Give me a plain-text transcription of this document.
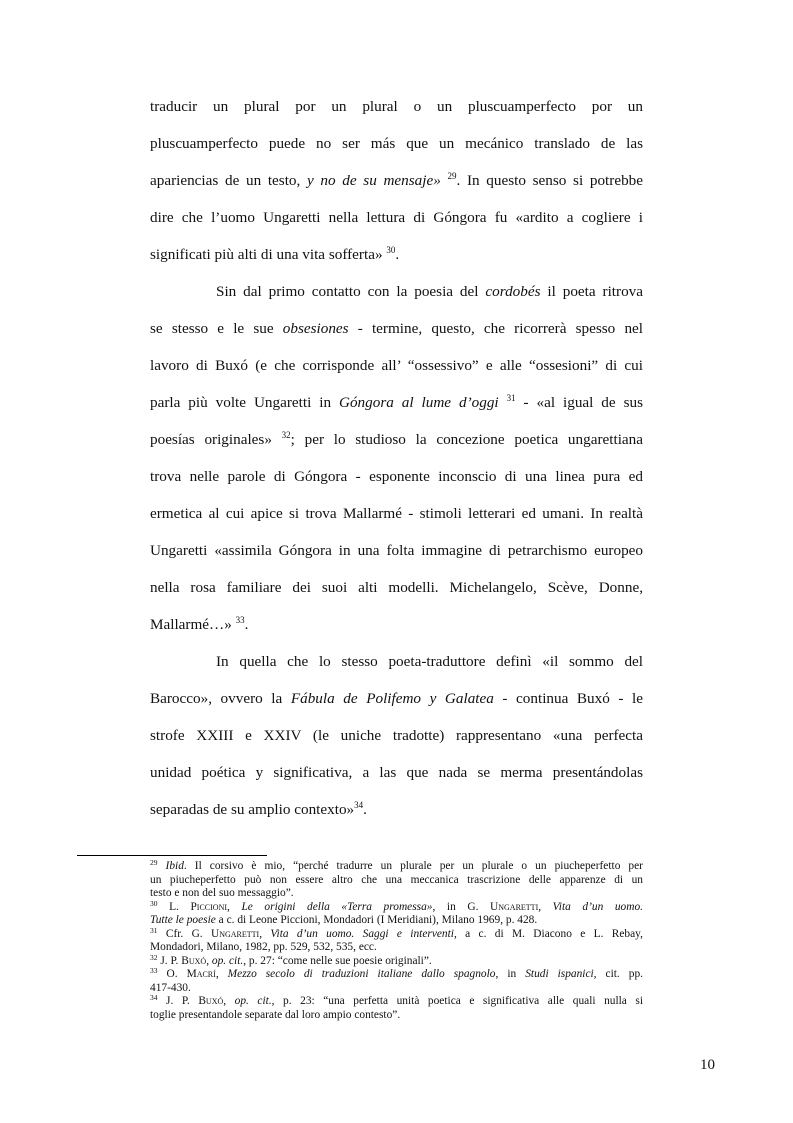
traducir un plural por un plural o un pluscuamperfecto por un
pluscuamperfecto puede no ser más que un mecánico translado de las
apariencias de un testo, y no de su mensaje» $^{29}$. In questo senso si potrebbe
dire che l’uomo Ungaretti nella lettura di Góngora fu «ardito a cogliere i
significati più alti di una vita sofferta» $^{30}$.
Sin dal primo contatto con la poesia del cordobés il poeta ritrova
se stesso e le sue obsesiones - termine, questo, che ricorrerà spesso nel
lavoro di Buxó (e che corrisponde all’ “ossessivo” e alle “ossesioni” di cui
parla più volte Ungaretti in Góngora al lume d’oggi $^{31}$ - «al igual de sus
poesías originales» $^{32}$; per lo studioso la concezione poetica ungarettiana
trova nelle parole di Góngora - esponente inconscio di una linea pura ed
ermetica al cui apice si trova Mallarmé - stimoli letterari ed umani. In realtà
Ungaretti «assimila Góngora in una folta immagine di petrarchismo europeo
nella rosa familiare dei suoi alti modelli. Michelangelo, Scève, Donne,
Mallarmé…» $^{33}$.
In quella che lo stesso poeta-traduttore definì «il sommo del
Barocco», ovvero la Fábula de Polifemo y Galatea - continua Buxó - le
strofe XXIII e XXIV (le uniche tradotte) rappresentano «una perfecta
unidad poética y significativa, a las que nada se merma presentándolas
separadas de su amplio contexto»$^{34}$.
$^{29}$ Ibid. Il corsivo è mio, “perché tradurre un plurale per un plurale o un piucheperfetto per
un piucheperfetto può non essere altro che una meccanica trascrizione delle apparenze di un
testo e non del suo messaggio”.
$^{30}$ L. Piccioni, Le origini della «Terra promessa», in G. Ungaretti, Vita d’un uomo.
Tutte le poesie a c. di Leone Piccioni, Mondadori (I Meridiani), Milano 1969, p. 428.
$^{31}$ Cfr. G. Ungaretti, Vita d’un uomo. Saggi e interventi, a c. di M. Diacono e L. Rebay,
Mondadori, Milano, 1982, pp. 529, 532, 535, ecc.
$^{32}$ J. P. Buxó, op. cit., p. 27: “come nelle sue poesie originali”.
$^{33}$ O. Macrí, Mezzo secolo di traduzioni italiane dallo spagnolo, in Studi ispanici, cit. pp.
417-430.
$^{34}$ J. P. Buxó, op. cit., p. 23: “una perfetta unità poetica e significativa alle quali nulla si
toglie presentandole separate dal loro ampio contesto”.
10
